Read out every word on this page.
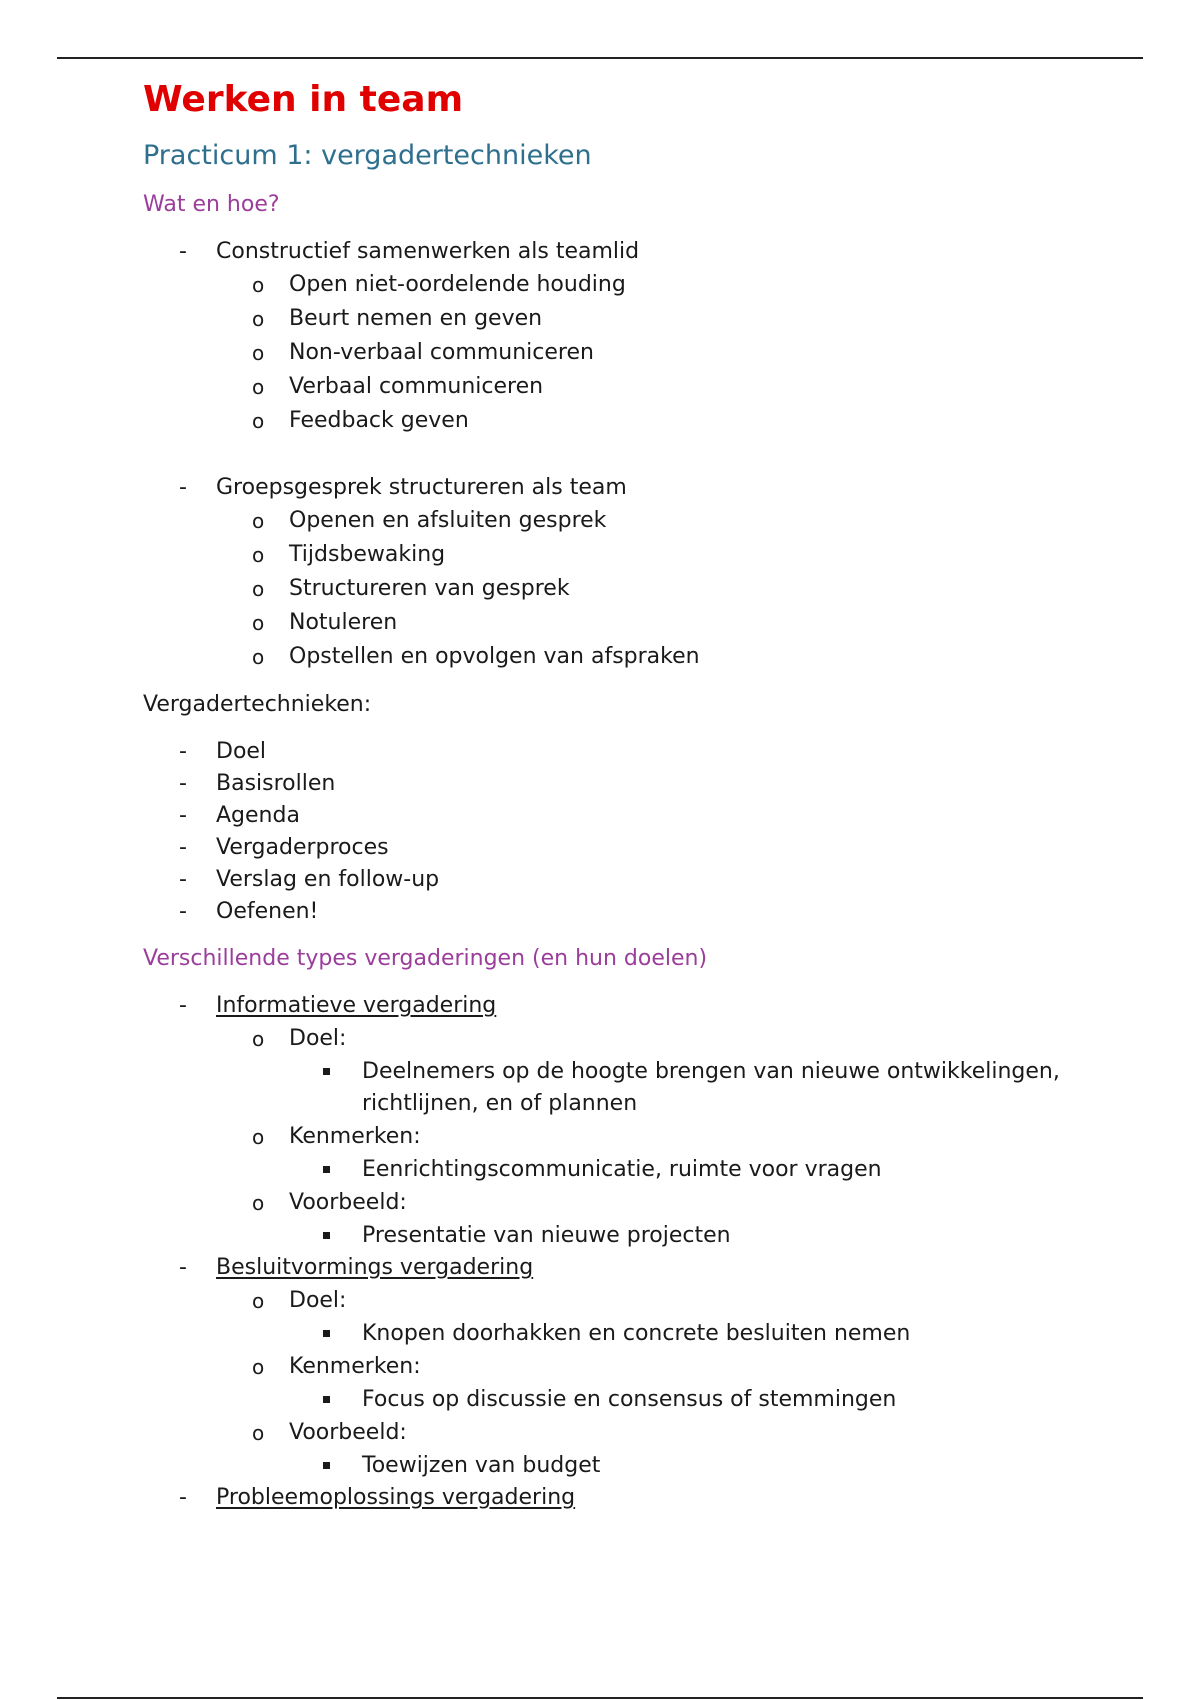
Werken in team
Practicum 1: vergadertechnieken
Wat en hoe?
- Constructief samenwerken als teamlid
o Open niet-oordelende houding
o Beurt nemen en geven
o Non-verbaal communiceren
o Verbaal communiceren
o Feedback geven
- Groepsgesprek structureren als team
o Openen en afsluiten gesprek
o Tijdsbewaking
o Structureren van gesprek
o Notuleren
o Opstellen en opvolgen van afspraken

Vergadertechnieken:

- Doel
- Basisrollen
- Agenda
- Vergaderproces
- Verslag en follow-up
- Oefenen!
Verschillende types vergaderingen (en hun doelen)
- Informatieve vergadering
o Doel:
Deelnemers op de hoogte brengen van nieuwe ontwikkelingen, richtlijnen, en of plannen
o Kenmerken:
Eenrichtingscommunicatie, ruimte voor vragen
o Voorbeeld:
Presentatie van nieuwe projecten
- Besluitvormings vergadering
o Doel:
Knopen doorhakken en concrete besluiten nemen
o Kenmerken:
Focus op discussie en consensus of stemmingen
o Voorbeeld:
Toewijzen van budget
- Probleemoplossings vergadering
